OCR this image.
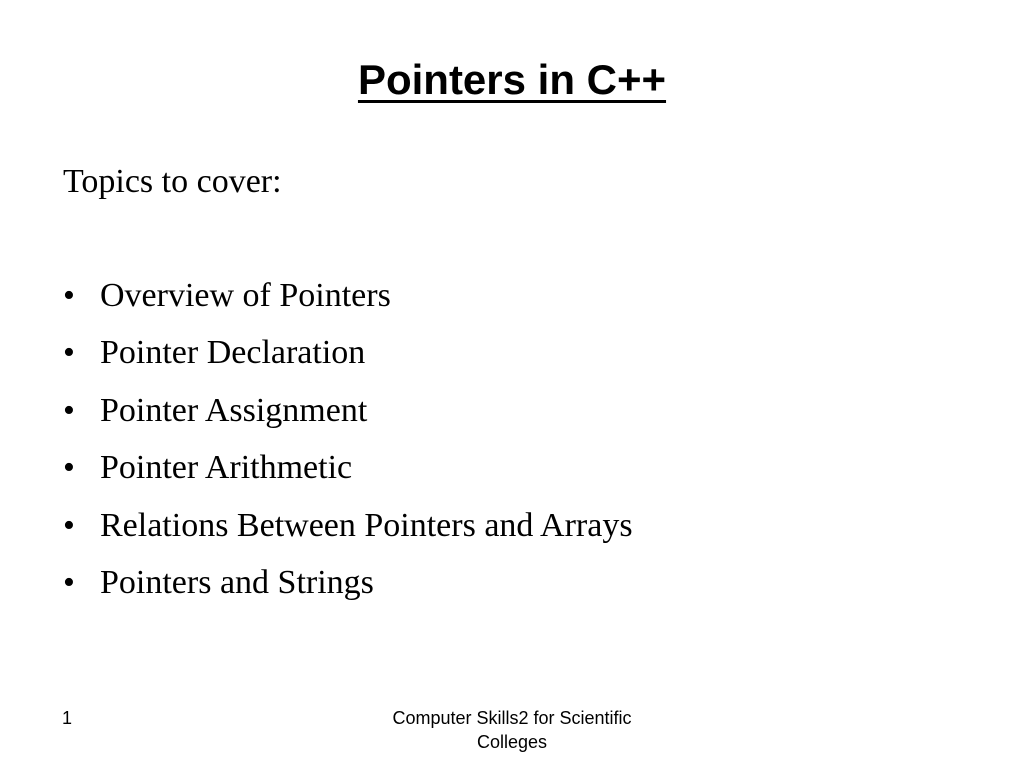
Pointers in C++
Topics to cover:
• Overview of Pointers
• Pointer Declaration
• Pointer Assignment
• Pointer Arithmetic
• Relations Between Pointers and Arrays
• Pointers and Strings
1	Computer Skills2 for Scientific Colleges
